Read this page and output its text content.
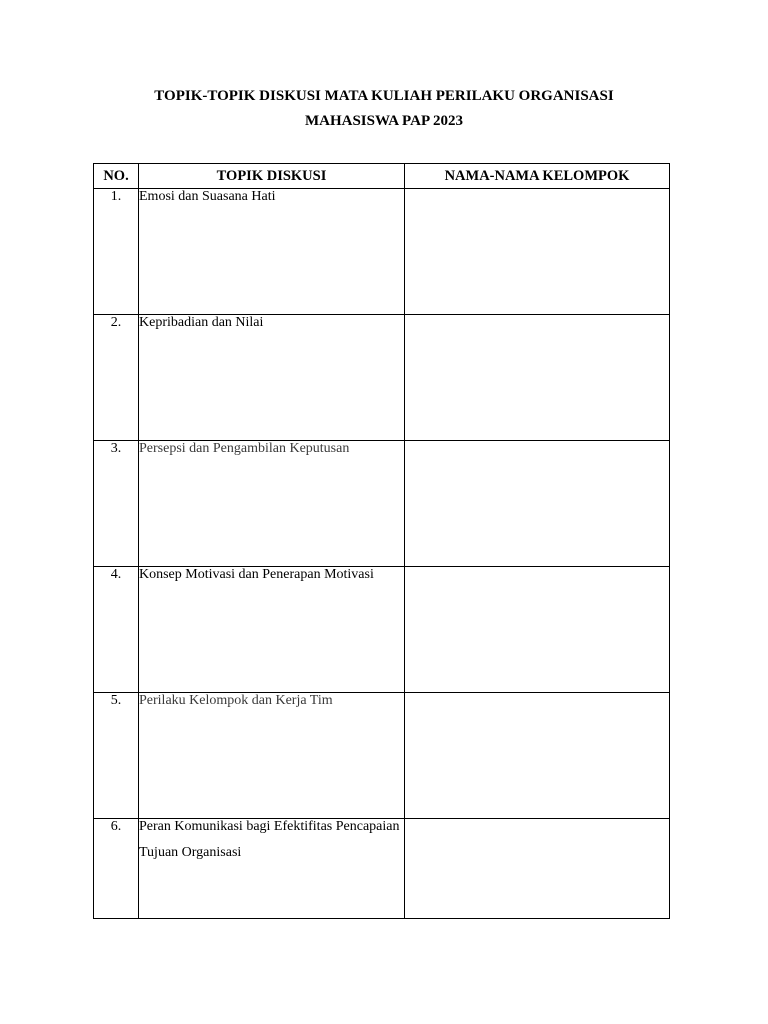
TOPIK-TOPIK DISKUSI MATA KULIAH PERILAKU ORGANISASI
MAHASISWA PAP 2023
NO.	TOPIK DISKUSI	NAMA-NAMA KELOMPOK
1.	Emosi dan Suasana Hati	

2.	Kepribadian dan Nilai	

3.	Persepsi dan Pengambilan Keputusan	

4.	Konsep Motivasi dan Penerapan Motivasi	

5.	Perilaku Kelompok dan Kerja Tim	

6.	Peran Komunikasi bagi Efektifitas Pencapaian Tujuan Organisasi	
